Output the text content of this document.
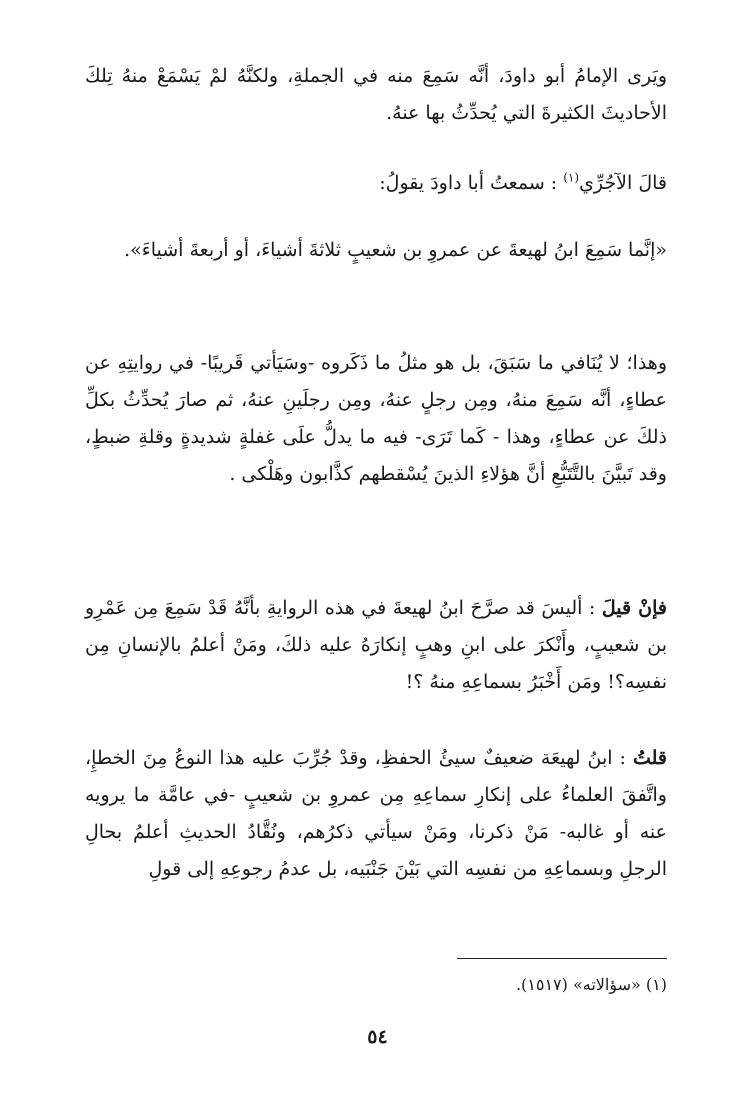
ويَرى الإمامُ أبو داودَ، أنَّه سَمِعَ منه في الجملةِ، ولكنَّهُ لمْ يَسْمَعْ منهُ تِلكَ الأحاديثَ الكثيرةَ التي يُحدِّثُ بها عنهُ.

قالَ الآجُرِّي$^{(١)}$ : سمعتُ أبا داودَ يقولُ:

«إنَّما سَمِعَ ابنُ لهيعةَ عن عمروِ بن شعيبٍ ثلاثةَ أشياءَ، أو أربعةَ أشياءَ».

وهذا؛ لا يُنَافي ما سَبَقَ، بل هو مثلُ ما ذَكَروه -وسَيَأتي قَريبًا- في روايتِهِ عن عطاءٍ، أنَّه سَمِعَ منهُ، ومِن رجلٍ عنهُ، ومِن رجلَينِ عنهُ، ثم صارَ يُحدِّثُ بكلِّ ذلكَ عن عطاءٍ، وهذا - كَما تَرَى- فيه ما يدلُّ علَى غفلةٍ شديدةٍ وقلةِ ضبطٍ، وقد تَبيَّنَ بالتَّتَبُّعِ أنَّ هؤلاءِ الذينَ يُسْقطهم كذَّابون وهَلْكى .

فإنْ قيلَ : أليسَ قد صرَّحَ ابنُ لهيعةَ في هذه الروايةِ بأنَّهُ قَدْ سَمِعَ مِن عَمْرِو بن شعيبٍ، وأَنْكرَ على ابنِ وهبٍ إنكارَهُ عليه ذلكَ، ومَنْ أعلمُ بالإنسانِ مِن نفسِه؟! ومَن أَخْبَرُ بسماعِهِ منهُ ؟!

قلتُ : ابنُ لهيعَة ضعيفٌ سيئُ الحفظِ، وقدْ جُرِّبَ عليه هذا النوعُ مِنَ الخطإِ، واتَّفقَ العلماءُ على إنكارِ سماعِهِ مِن عمروِ بن شعيبٍ -في عامَّة ما يرويه عنه أو غالبه- مَنْ ذكرنا، ومَنْ سيأتي ذكرُهم، ونُقَّادُ الحديثِ أعلمُ بحالِ الرجلِ وبسماعِهِ من نفسِه التي بَيْنَ جَنْبَيه، بل عدمُ رجوعِهِ إلى قولِ

(١) «سؤالاته» (١٥١٧).

٥٤
